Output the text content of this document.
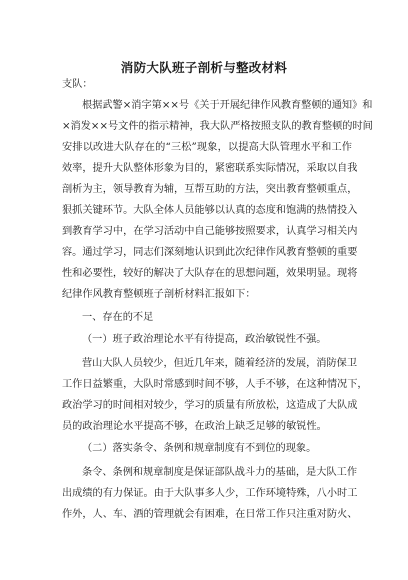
消防大队班子剖析与整改材料
支队：
根据武警×消字第××号《关于开展纪律作风教育整顿的通知》和
×消发××号文件的指示精神，我大队严格按照支队的教育整顿的时间
安排以改进大队存在的“三松”现象，以提高大队管理水平和工作
效率，提升大队整体形象为目的，紧密联系实际情况，采取以自我
剖析为主，领导教育为辅，互帮互助的方法，突出教育整顿重点，
狠抓关键环节。大队全体人员能够以认真的态度和饱满的热情投入
到教育学习中，在学习活动中自己能够按照要求，认真学习相关内
容。通过学习，同志们深刻地认识到此次纪律作风教育整顿的重要
性和必要性，较好的解决了大队存在的思想问题，效果明显。现将
纪律作风教育整顿班子剖析材料汇报如下：
一、存在的不足
（一）班子政治理论水平有待提高，政治敏锐性不强。
营山大队人员较少，但近几年来，随着经济的发展，消防保卫
工作日益繁重，大队时常感到时间不够，人手不够，在这种情况下，
政治学习的时间相对较少，学习的质量有所放松，这造成了大队成
员的政治理论水平提高不够，在政治上缺乏足够的敏锐性。
（二）落实条令、条例和规章制度有不到位的现象。
条令、条例和规章制度是保证部队战斗力的基础，是大队工作
出成绩的有力保证。由于大队事多人少，工作环境特殊，八小时工
作外，人、车、酒的管理就会有困难，在日常工作只注重对防火、
